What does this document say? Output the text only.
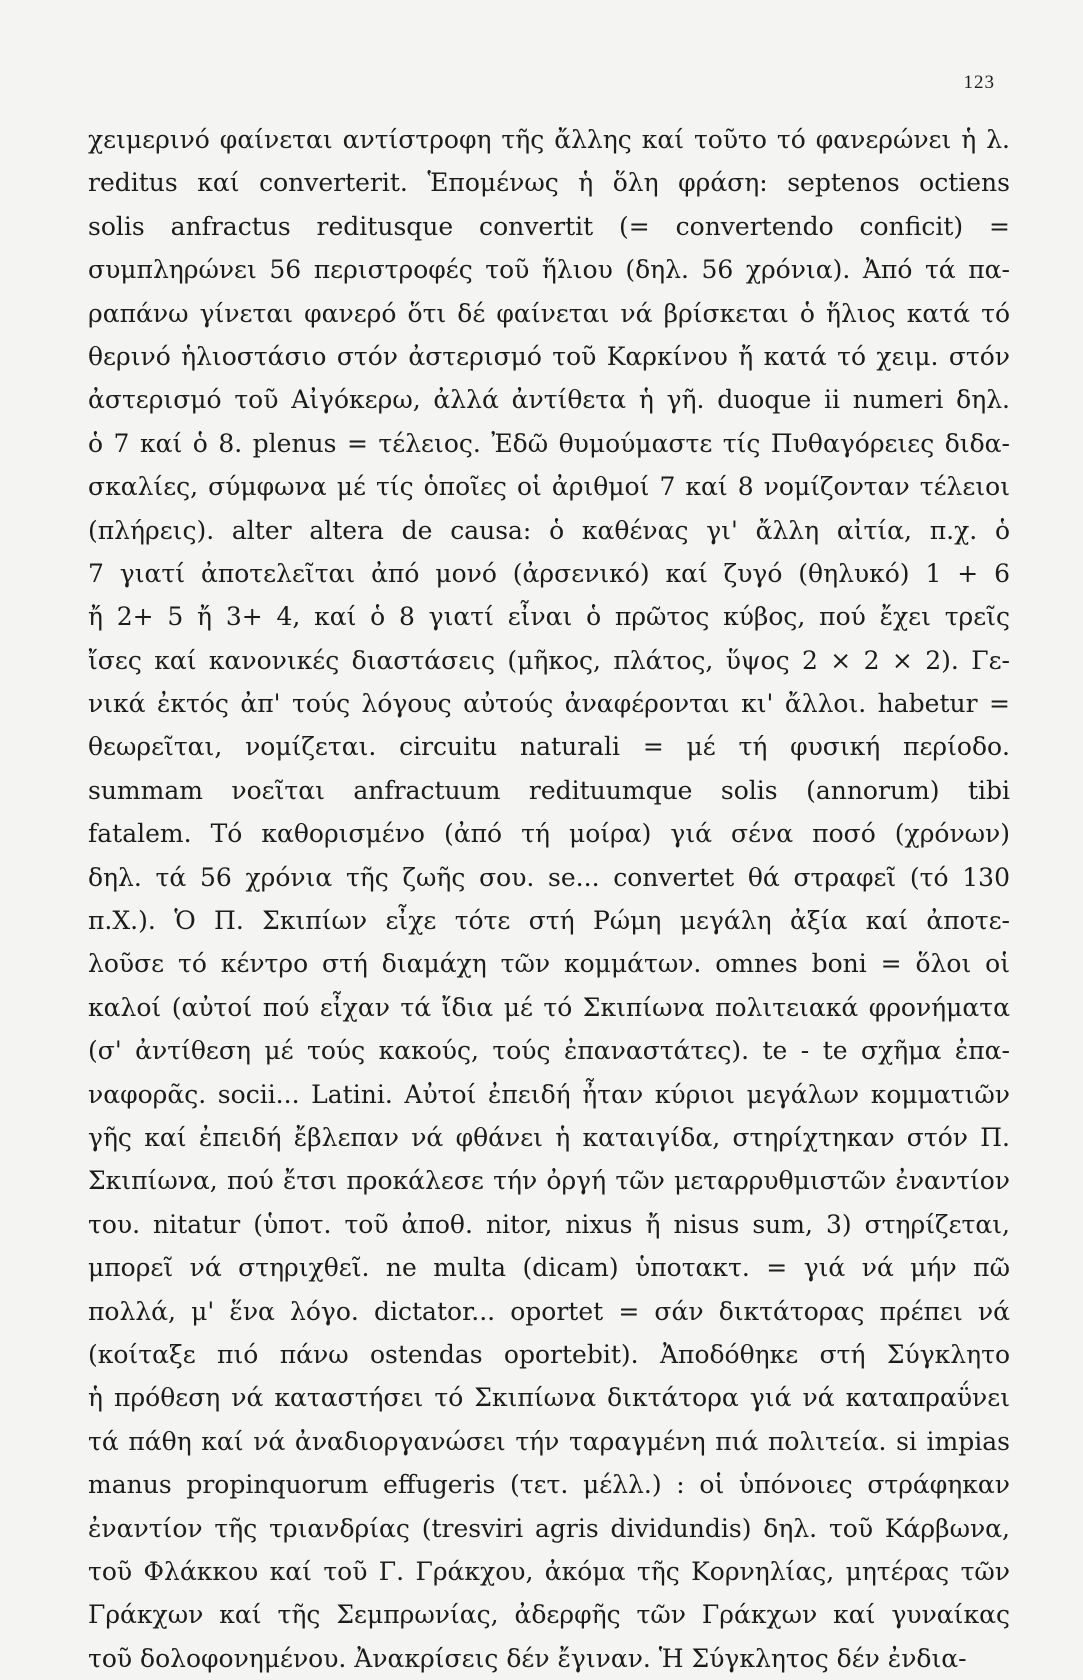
123
χειμερινό φαίνεται αντίστροφη τῆς ἄλλης καί τοῦτο τό φανερώνει ἡ λ.
reditus καί converterit. Ἑπομένως ἡ ὅλη φράση: septenos octiens
solis anfractus reditusque convertit (= convertendo conficit) =
συμπληρώνει 56 περιστροφές τοῦ ἥλιου (δηλ. 56 χρόνια). Ἀπό τά πα-
ραπάνω γίνεται φανερό ὅτι δέ φαίνεται νά βρίσκεται ὁ ἥλιος κατά τό
θερινό ἡλιοστάσιο στόν ἀστερισμό τοῦ Καρκίνου ἤ κατά τό χειμ. στόν
ἀστερισμό τοῦ Αἰγόκερω, ἀλλά ἀντίθετα ἡ γῆ. duoque ii numeri δηλ.
ὁ 7 καί ὁ 8. plenus = τέλειος. Ἐδῶ θυμούμαστε τίς Πυθαγόρειες διδα-
σκαλίες, σύμφωνα μέ τίς ὁποῖες οἱ ἀριθμοί 7 καί 8 νομίζονταν τέλειοι
(πλήρεις). alter altera de causa: ὁ καθένας γι' ἄλλη αἰτία, π.χ. ὁ
7 γιατί ἀποτελεῖται ἀπό μονό (ἀρσενικό) καί ζυγό (θηλυκό) 1 + 6
ἤ 2+ 5 ἤ 3+ 4, καί ὁ 8 γιατί εἶναι ὁ πρῶτος κύβος, πού ἔχει τρεῖς
ἴσες καί κανονικές διαστάσεις (μῆκος, πλάτος, ὕψος 2 × 2 × 2). Γε-
νικά ἐκτός ἀπ' τούς λόγους αὐτούς ἀναφέρονται κι' ἄλλοι. habetur =
θεωρεῖται, νομίζεται. circuitu naturali = μέ τή φυσική περίοδο.
summam νοεῖται anfractuum redituumque solis (annorum) tibi
fatalem. Τό καθορισμένο (ἀπό τή μοίρα) γιά σένα ποσό (χρόνων)
δηλ. τά 56 χρόνια τῆς ζωῆς σου. se... convertet θά στραφεῖ (τό 130
π.Χ.). Ὁ Π. Σκιπίων εἶχε τότε στή Ρώμη μεγάλη ἀξία καί ἀποτε-
λοῦσε τό κέντρο στή διαμάχη τῶν κομμάτων. omnes boni = ὅλοι οἱ
καλοί (αὐτοί πού εἶχαν τά ἴδια μέ τό Σκιπίωνα πολιτειακά φρονήματα
(σ' ἀντίθεση μέ τούς κακούς, τούς ἐπαναστάτες). te - te σχῆμα ἐπα-
ναφορᾶς. socii... Latini. Αὐτοί ἐπειδή ἦταν κύριοι μεγάλων κομματιῶν
γῆς καί ἐπειδή ἔβλεπαν νά φθάνει ἡ καταιγίδα, στηρίχτηκαν στόν Π.
Σκιπίωνα, πού ἔτσι προκάλεσε τήν ὀργή τῶν μεταρρυθμιστῶν ἐναντίον
του. nitatur (ὑποτ. τοῦ ἀποθ. nitor, nixus ἤ nisus sum, 3) στηρίζεται,
μπορεῖ νά στηριχθεῖ. ne multa (dicam) ὑποτακτ. = γιά νά μήν πῶ
πολλά, μ' ἕνα λόγο. dictator... oportet = σάν δικτάτορας πρέπει νά
(κοίταξε πιό πάνω ostendas oportebit). Ἀποδόθηκε στή Σύγκλητο
ἡ πρόθεση νά καταστήσει τό Σκιπίωνα δικτάτορα γιά νά καταπραΰνει
τά πάθη καί νά ἀναδιοργανώσει τήν ταραγμένη πιά πολιτεία. si impias
manus propinquorum effugeris (τετ. μέλλ.) : οἱ ὑπόνοιες στράφηκαν
ἐναντίον τῆς τριανδρίας (tresviri agris dividundis) δηλ. τοῦ Κάρβωνα,
τοῦ Φλάκκου καί τοῦ Γ. Γράκχου, ἀκόμα τῆς Κορνηλίας, μητέρας τῶν
Γράκχων καί τῆς Σεμπρωνίας, ἀδερφῆς τῶν Γράκχων καί γυναίκας
τοῦ δολοφονημένου. Ἀνακρίσεις δέν ἔγιναν. Ἡ Σύγκλητος δέν ἐνδια-
